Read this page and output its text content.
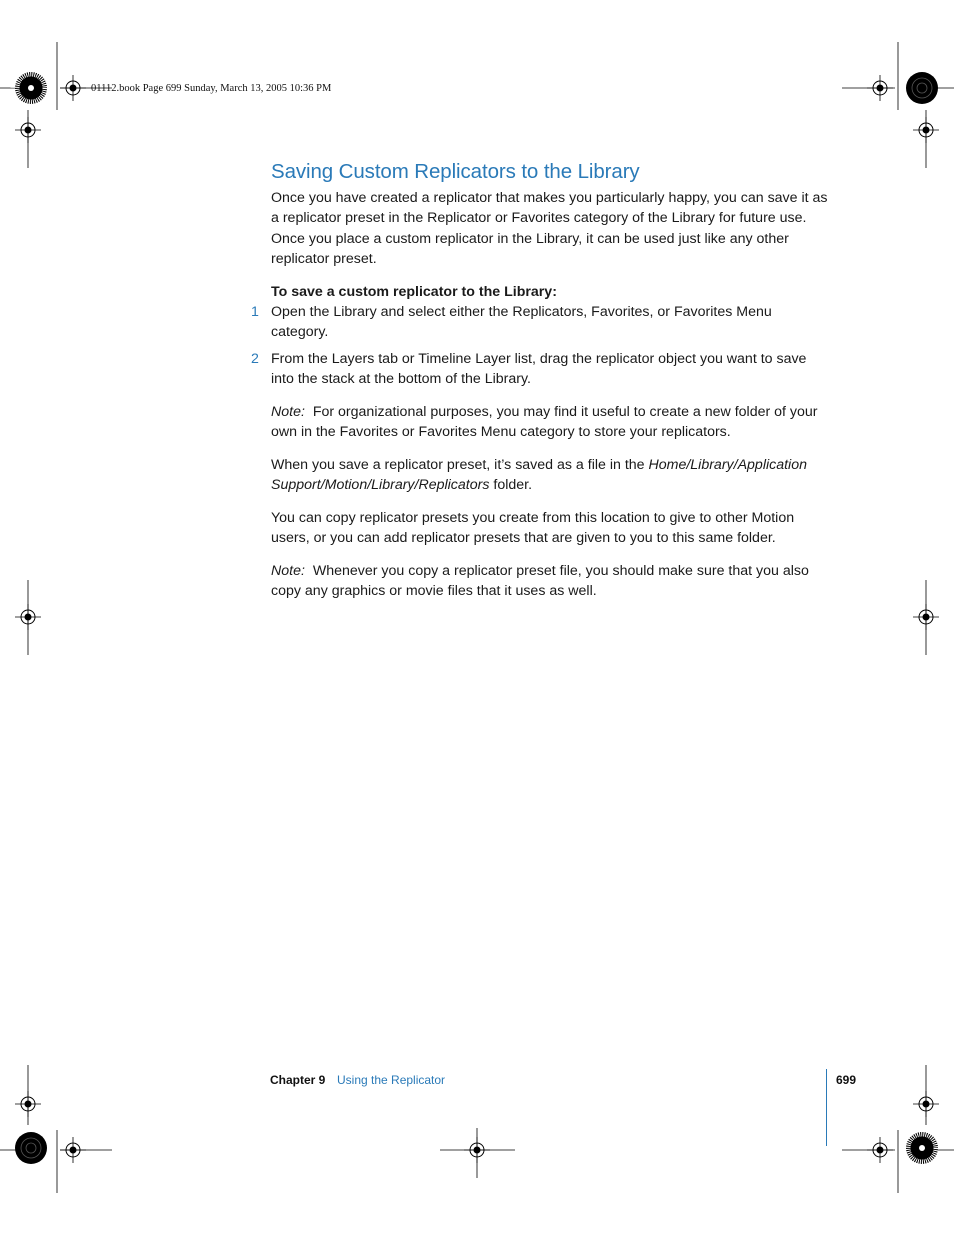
01112.book Page 699 Sunday, March 13, 2005 10:36 PM
Saving Custom Replicators to the Library
Once you have created a replicator that makes you particularly happy, you can save it as a replicator preset in the Replicator or Favorites category of the Library for future use. Once you place a custom replicator in the Library, it can be used just like any other replicator preset.
To save a custom replicator to the Library:
1 Open the Library and select either the Replicators, Favorites, or Favorites Menu category.
2 From the Layers tab or Timeline Layer list, drag the replicator object you want to save into the stack at the bottom of the Library.
Note: For organizational purposes, you may find it useful to create a new folder of your own in the Favorites or Favorites Menu category to store your replicators.
When you save a replicator preset, it’s saved as a file in the Home/Library/Application Support/Motion/Library/Replicators folder.
You can copy replicator presets you create from this location to give to other Motion users, or you can add replicator presets that are given to you to this same folder.
Note: Whenever you copy a replicator preset file, you should make sure that you also copy any graphics or movie files that it uses as well.
Chapter 9 Using the Replicator	699
